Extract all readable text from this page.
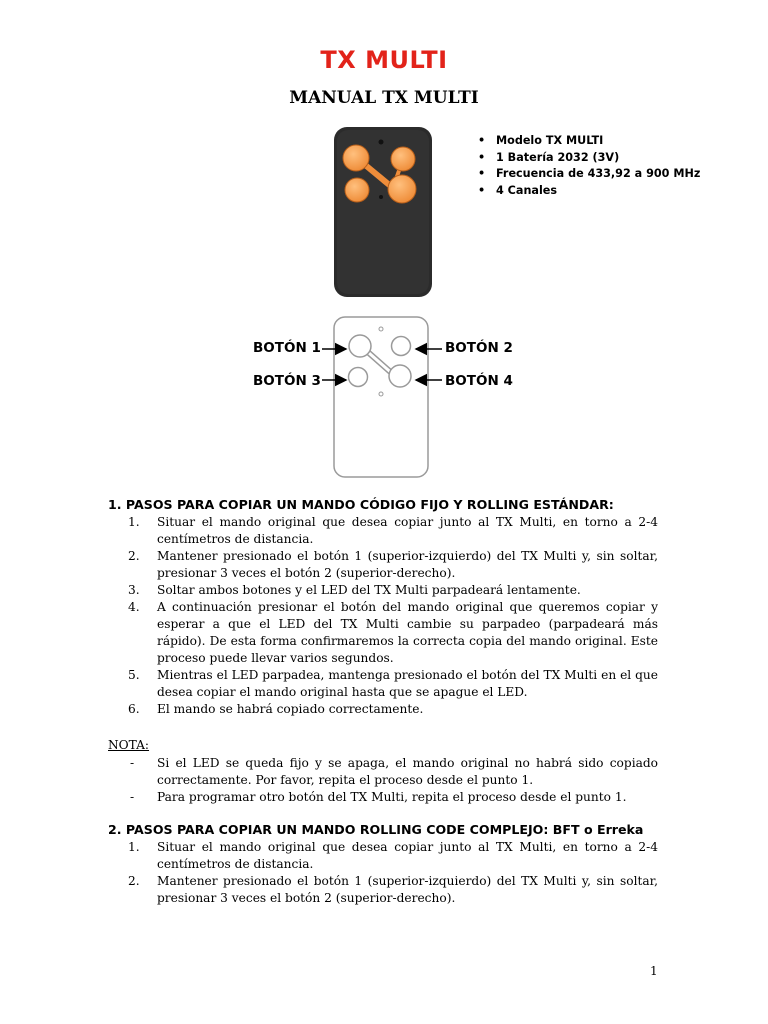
TX MULTI
MANUAL TX MULTI
• Modelo TX MULTI
• 1 Batería 2032 (3V)
• Frecuencia de 433,92 a 900 MHz
• 4 Canales
BOTÓN 1	BOTÓN 2
BOTÓN 3	BOTÓN 4
1. PASOS PARA COPIAR UN MANDO CÓDIGO FIJO Y ROLLING ESTÁNDAR:
1. Situar el mando original que desea copiar junto al TX Multi, en torno a 2-4 centímetros de distancia.
2. Mantener presionado el botón 1 (superior-izquierdo) del TX Multi y, sin soltar, presionar 3 veces el botón 2 (superior-derecho).
3. Soltar ambos botones y el LED del TX Multi parpadeará lentamente.
4. A continuación presionar el botón del mando original que queremos copiar y esperar a que el LED del TX Multi cambie su parpadeo (parpadeará más rápido). De esta forma confirmaremos la correcta copia del mando original. Este proceso puede llevar varios segundos.
5. Mientras el LED parpadea, mantenga presionado el botón del TX Multi en el que desea copiar el mando original hasta que se apague el LED.
6. El mando se habrá copiado correctamente.
NOTA:
- Si el LED se queda fijo y se apaga, el mando original no habrá sido copiado correctamente. Por favor, repita el proceso desde el punto 1.
- Para programar otro botón del TX Multi, repita el proceso desde el punto 1.
2. PASOS PARA COPIAR UN MANDO ROLLING CODE COMPLEJO: BFT o Erreka
1. Situar el mando original que desea copiar junto al TX Multi, en torno a 2-4 centímetros de distancia.
2. Mantener presionado el botón 1 (superior-izquierdo) del TX Multi y, sin soltar, presionar 3 veces el botón 2 (superior-derecho).
1
